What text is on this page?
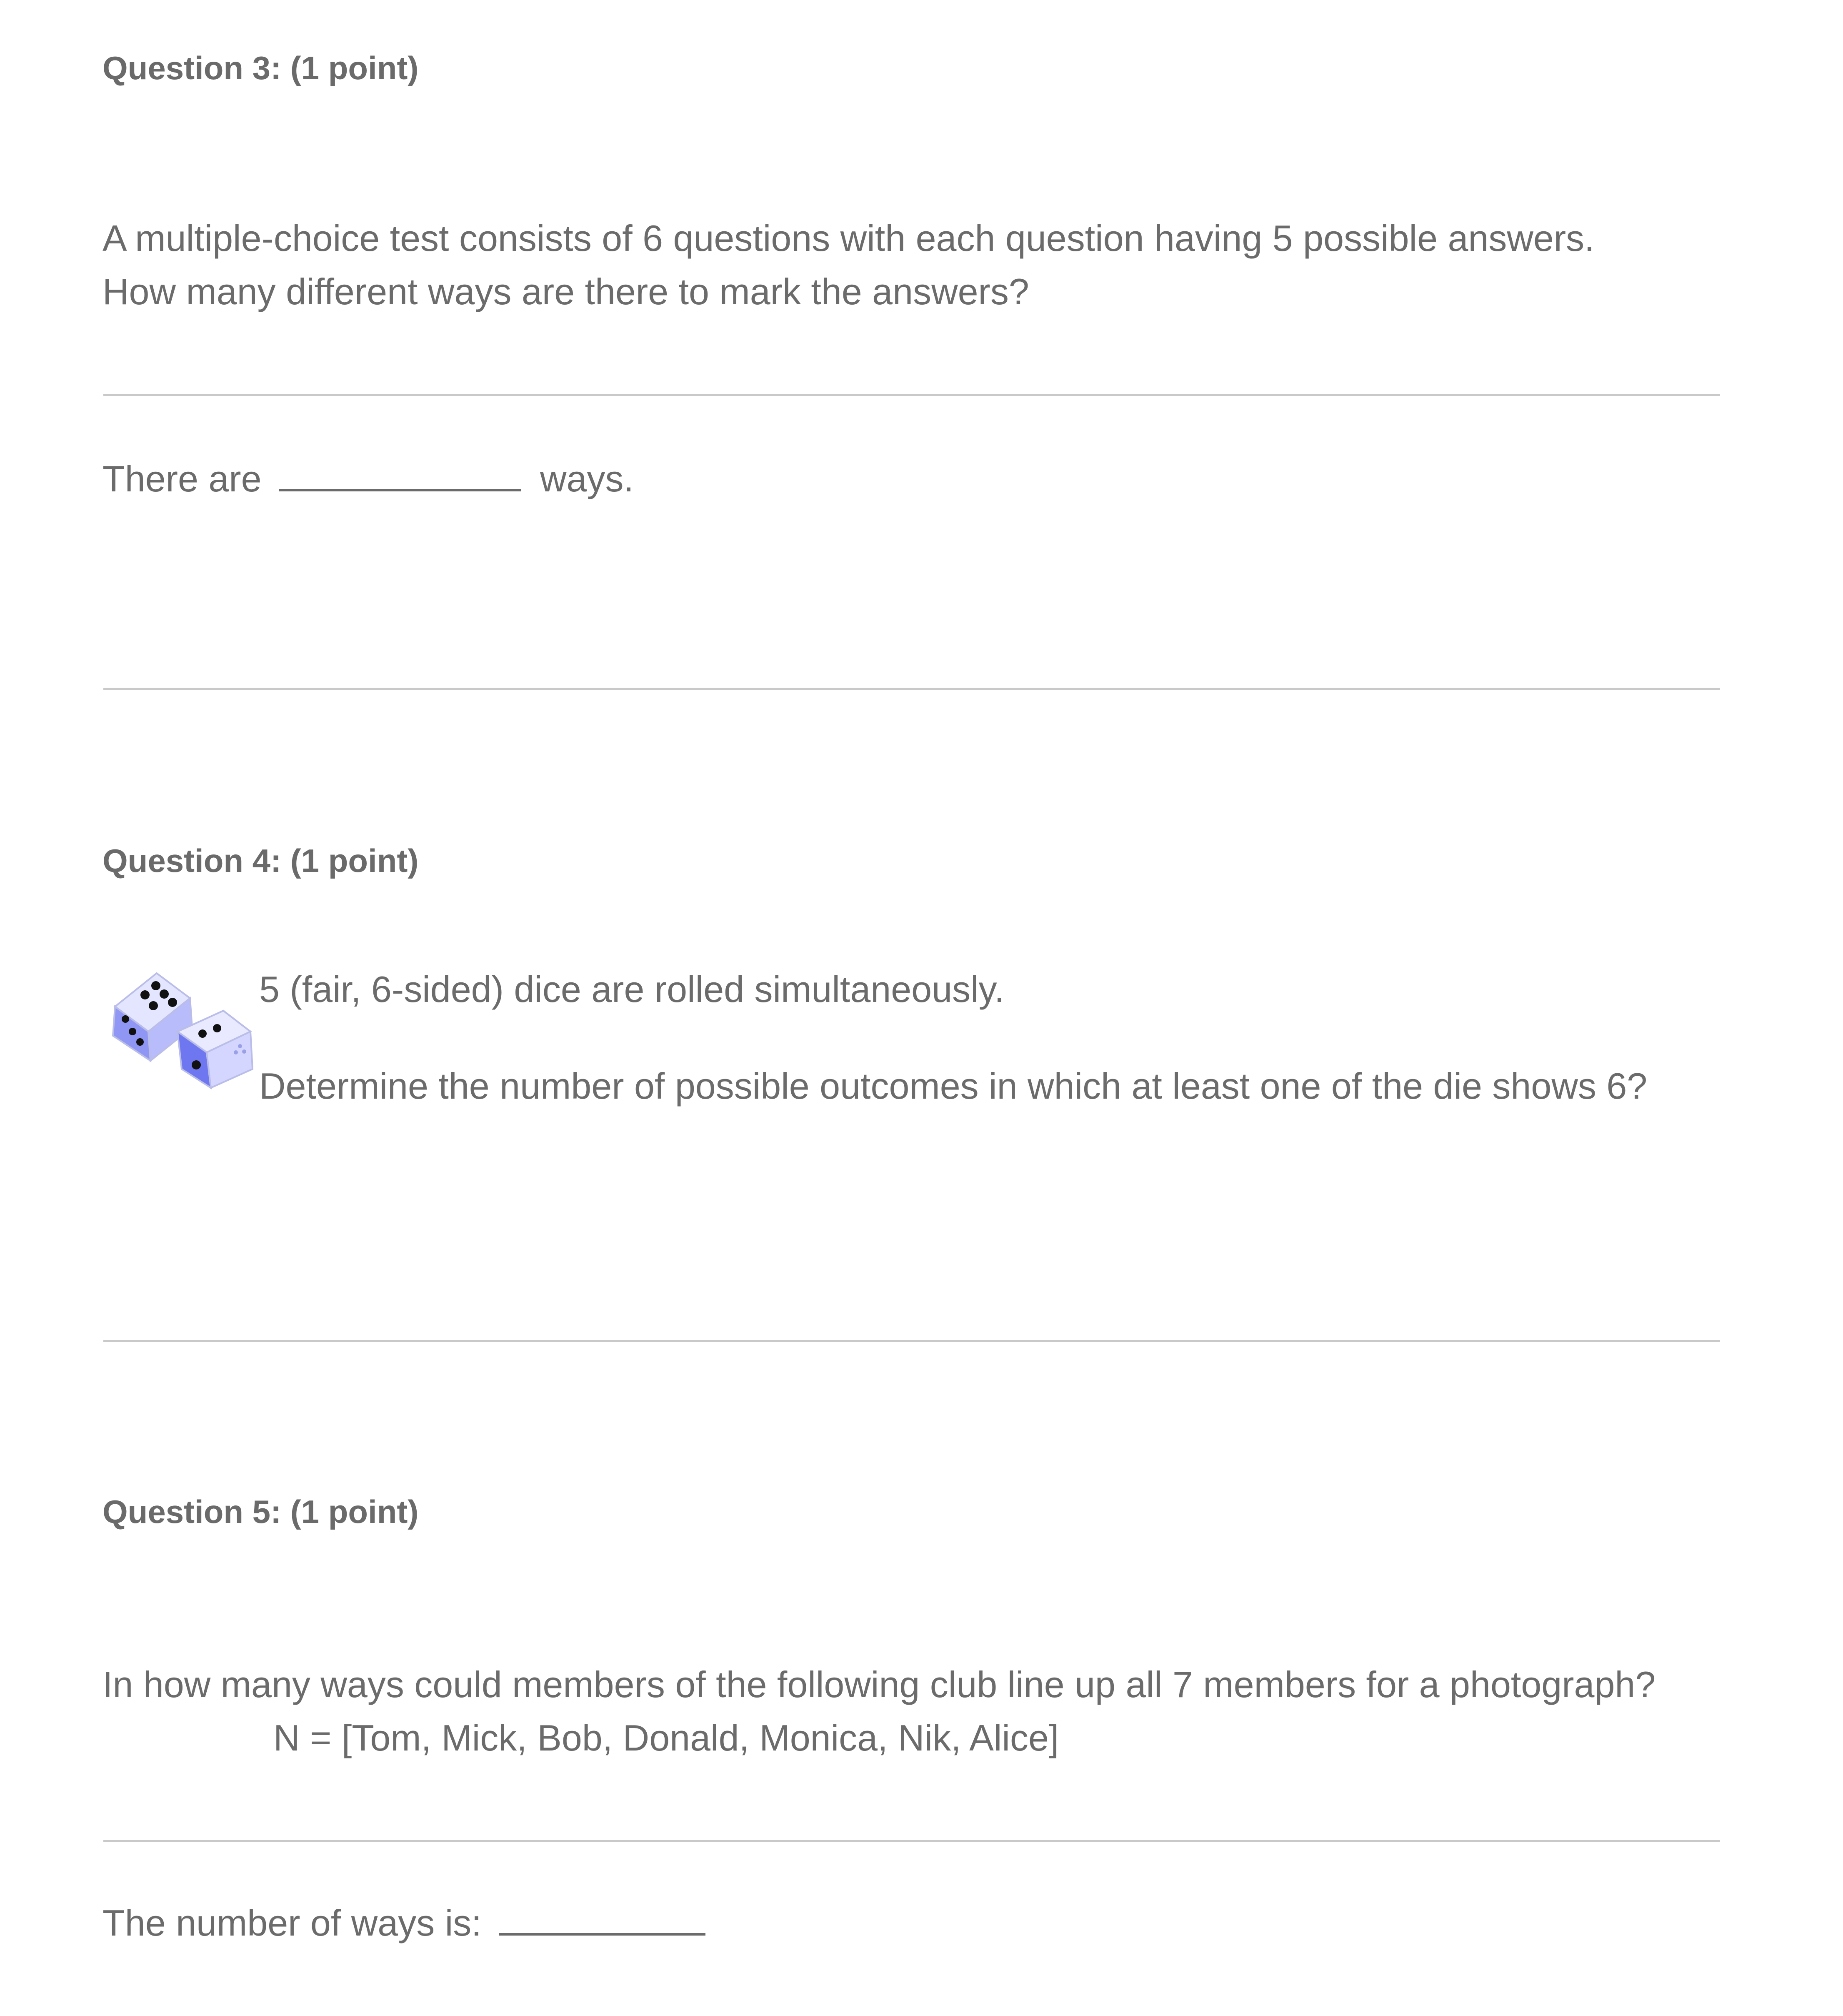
Question 3: (1 point)
A multiple-choice test consists of 6 questions with each question having 5 possible answers.
How many different ways are there to mark the answers?
There are	ways.
Question 4: (1 point)
5 (fair, 6-sided) dice are rolled simultaneously.
Determine the number of possible outcomes in which at least one of the die shows 6?
Question 5: (1 point)
In how many ways could members of the following club line up all 7 members for a photograph?
N = [Tom, Mick, Bob, Donald, Monica, Nik, Alice]
The number of ways is:
